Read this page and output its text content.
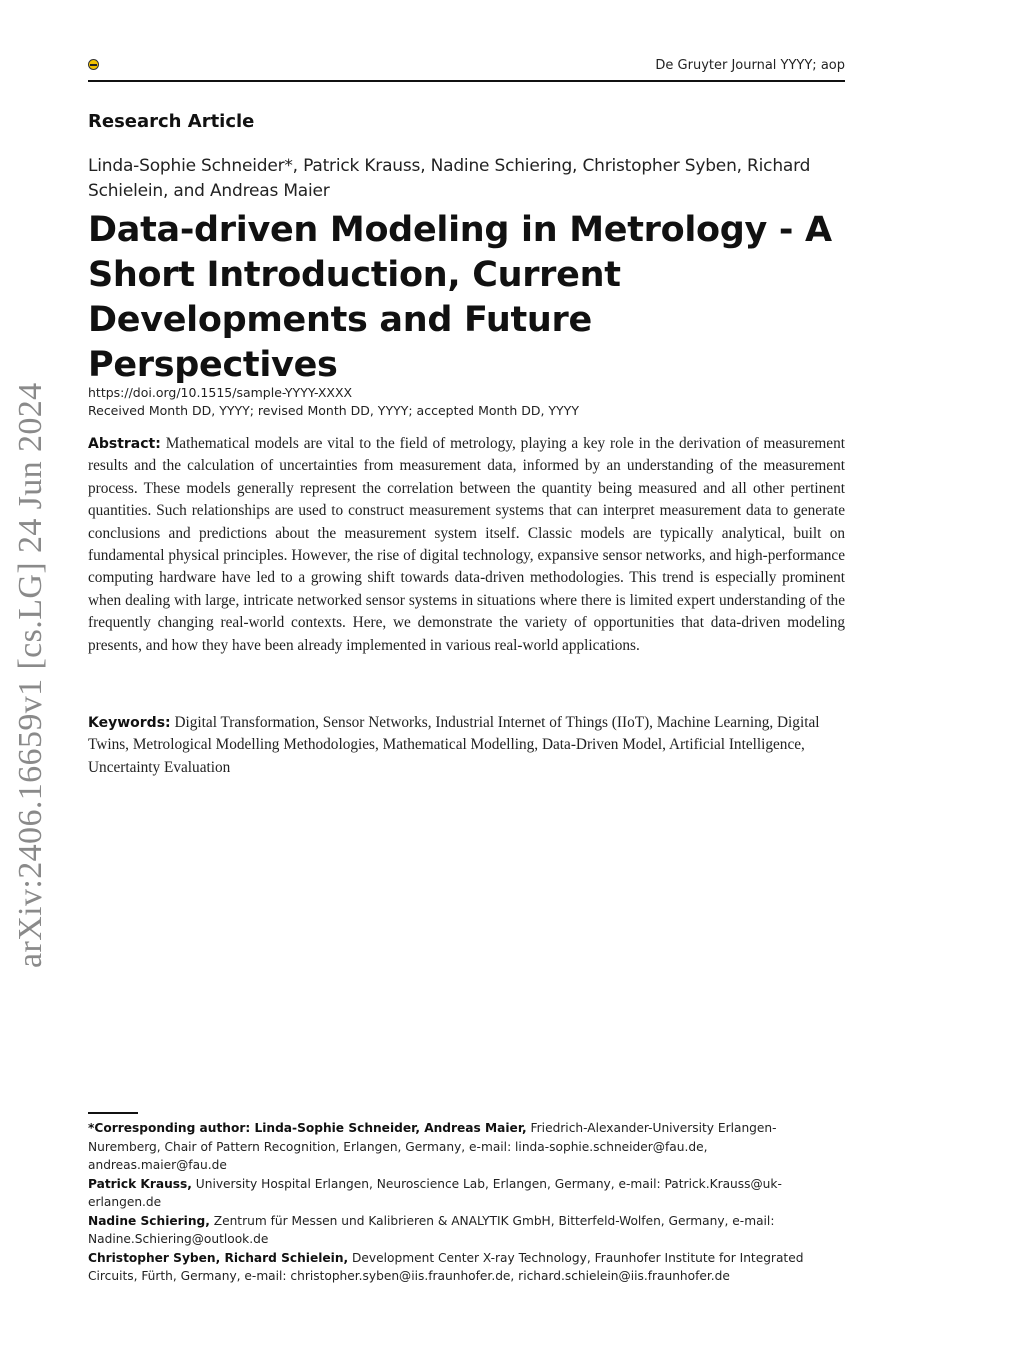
De Gruyter Journal YYYY; aop
Research Article
Linda-Sophie Schneider*, Patrick Krauss, Nadine Schiering, Christopher Syben, Richard Schielein, and Andreas Maier
Data-driven Modeling in Metrology - A Short Introduction, Current Developments and Future Perspectives
https://doi.org/10.1515/sample-YYYY-XXXX
Received Month DD, YYYY; revised Month DD, YYYY; accepted Month DD, YYYY

Abstract: Mathematical models are vital to the field of metrology, playing a key role in the derivation of measurement results and the calculation of uncertainties from measurement data, informed by an understanding of the measurement process. These models generally represent the correlation between the quantity being measured and all other pertinent quantities. Such relationships are used to construct measurement systems that can interpret measurement data to generate conclusions and predictions about the measurement system itself. Classic models are typically analytical, built on fundamental physical principles. However, the rise of digital technology, expansive sensor networks, and high-performance computing hardware have led to a growing shift towards data-driven methodologies. This trend is especially prominent when dealing with large, intricate networked sensor systems in situations where there is limited expert understanding of the frequently changing real-world contexts. Here, we demonstrate the variety of opportunities that data-driven modeling presents, and how they have been already implemented in various real-world applications.

Keywords: Digital Transformation, Sensor Networks, Industrial Internet of Things (IIoT), Machine Learning, Digital Twins, Metrological Modelling Methodologies, Mathematical Modelling, Data-Driven Model, Artificial Intelligence, Uncertainty Evaluation

arXiv:2406.16659v1 [cs.LG] 24 Jun 2024

*Corresponding author: Linda-Sophie Schneider, Andreas Maier, Friedrich-Alexander-University Erlangen-Nuremberg, Chair of Pattern Recognition, Erlangen, Germany, e-mail: linda-sophie.schneider@fau.de, andreas.maier@fau.de

Patrick Krauss, University Hospital Erlangen, Neuroscience Lab, Erlangen, Germany, e-mail: Patrick.Krauss@uk-erlangen.de

Nadine Schiering, Zentrum für Messen und Kalibrieren & ANALYTIK GmbH, Bitterfeld-Wolfen, Germany, e-mail: Nadine.Schiering@outlook.de

Christopher Syben, Richard Schielein, Development Center X-ray Technology, Fraunhofer Institute for Integrated Circuits, Fürth, Germany, e-mail: christopher.syben@iis.fraunhofer.de, richard.schielein@iis.fraunhofer.de
